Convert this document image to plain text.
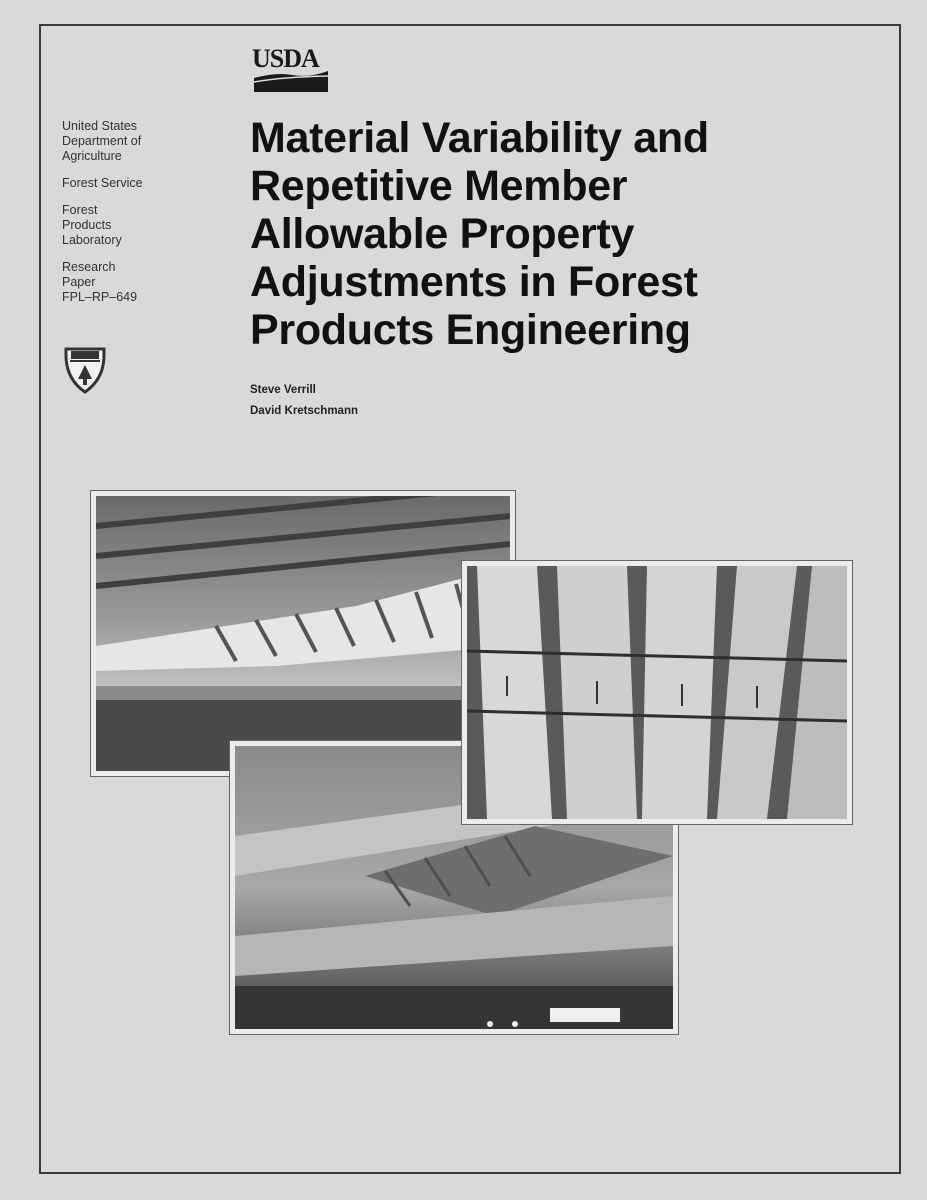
USDA
United States
Department of
Agriculture
Forest Service
Forest
Products
Laboratory
Research
Paper
FPL–RP–649
Material Variability and
Repetitive Member
Allowable Property
Adjustments in Forest
Products Engineering
Steve Verrill
David Kretschmann
